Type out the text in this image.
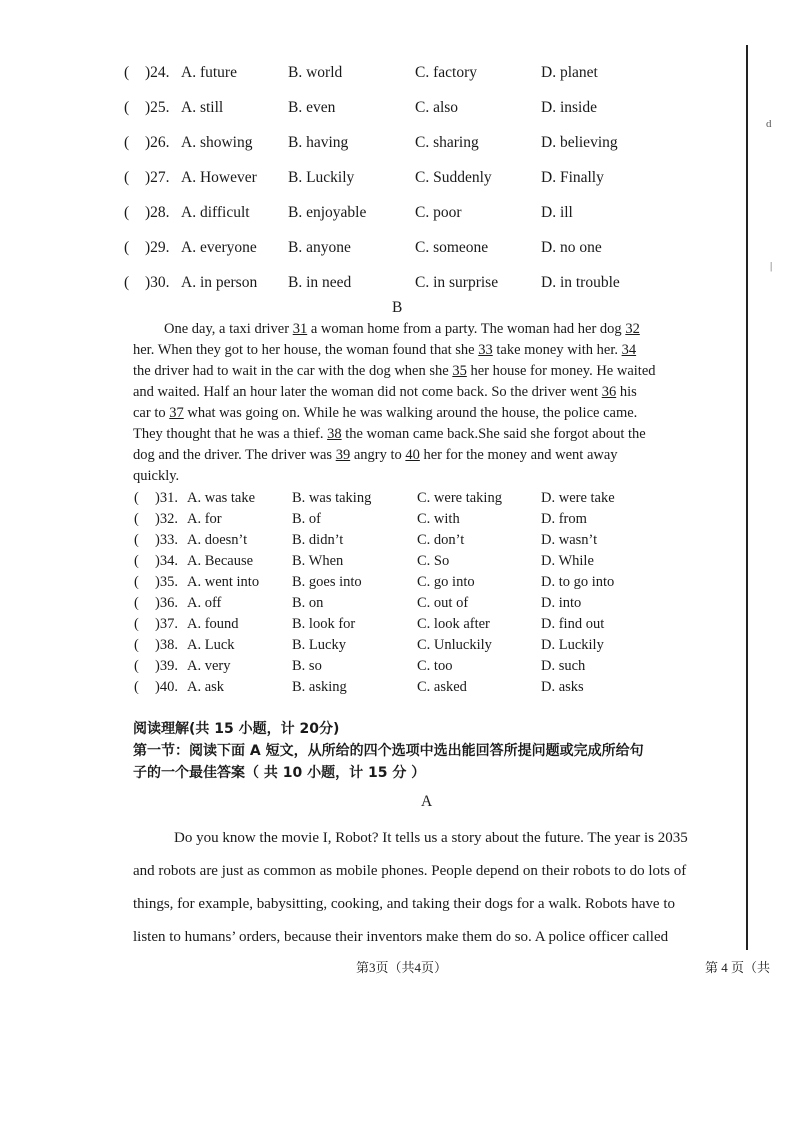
d
|
( )24. A. future	B. world	C. factory	D. planet
( )25. A. still	B. even	C. also	D. inside
( )26. A. showing B. having	C. sharing	D. believing
( )27. A. However B. Luckily	C. Suddenly	D. Finally
( )28. A. difficult B. enjoyable	C. poor	D. ill
( )29. A. everyone B. anyone	C. someone	D. no one
( )30. A. in person B. in need	C. in surprise	D. in trouble
B
One day, a taxi driver 31 a woman home from a party. The woman had her dog 32
her. When they got to her house, the woman found that she 33 take money with her. 34
the driver had to wait in the car with the dog when she 35 her house for money. He waited
and waited. Half an hour later the woman did not come back. So the driver went 36 his
car to 37 what was going on. While he was walking around the house, the police came.
They thought that he was a thief. 38 the woman came back.She said she forgot about the
dog and the driver. The driver was 39 angry to 40 her for the money and went away
quickly.
( )31. A. was take	B. was taking	C. were taking	D. were take
( )32. A. for	B. of	C. with	D. from
( )33. A. doesn’t	B. didn’t	C. don’t	D. wasn’t
( )34. A. Because	B. When	C. So	D. While
( )35. A. went into B. goes into	C. go into	D. to go into
( )36. A. off	B. on	C. out of	D. into
( )37. A. found	B. look for	C. look after	D. find out
( )38. A. Luck	B. Lucky	C. Unluckily	D. Luckily
( )39. A. very	B. so	C. too	D. such
( )40. A. ask	B. asking	C. asked	D. asks
阅读理解(共 15 小题，计 20分)
第一节：阅读下面 A 短文，从所给的四个选项中选出能回答所提问题或完成所给句
子的一个最佳答案（ 共 10 小题，计 15 分 ）
A
Do you know the movie I, Robot? It tells us a story about the future. The year is 2035
and robots are just as common as mobile phones. People depend on their robots to do lots of
things, for example, babysitting, cooking, and taking their dogs for a walk. Robots have to
listen to humans’ orders, because their inventors make them do so. A police officer called
第3页（共4页）	第 4 页（共
